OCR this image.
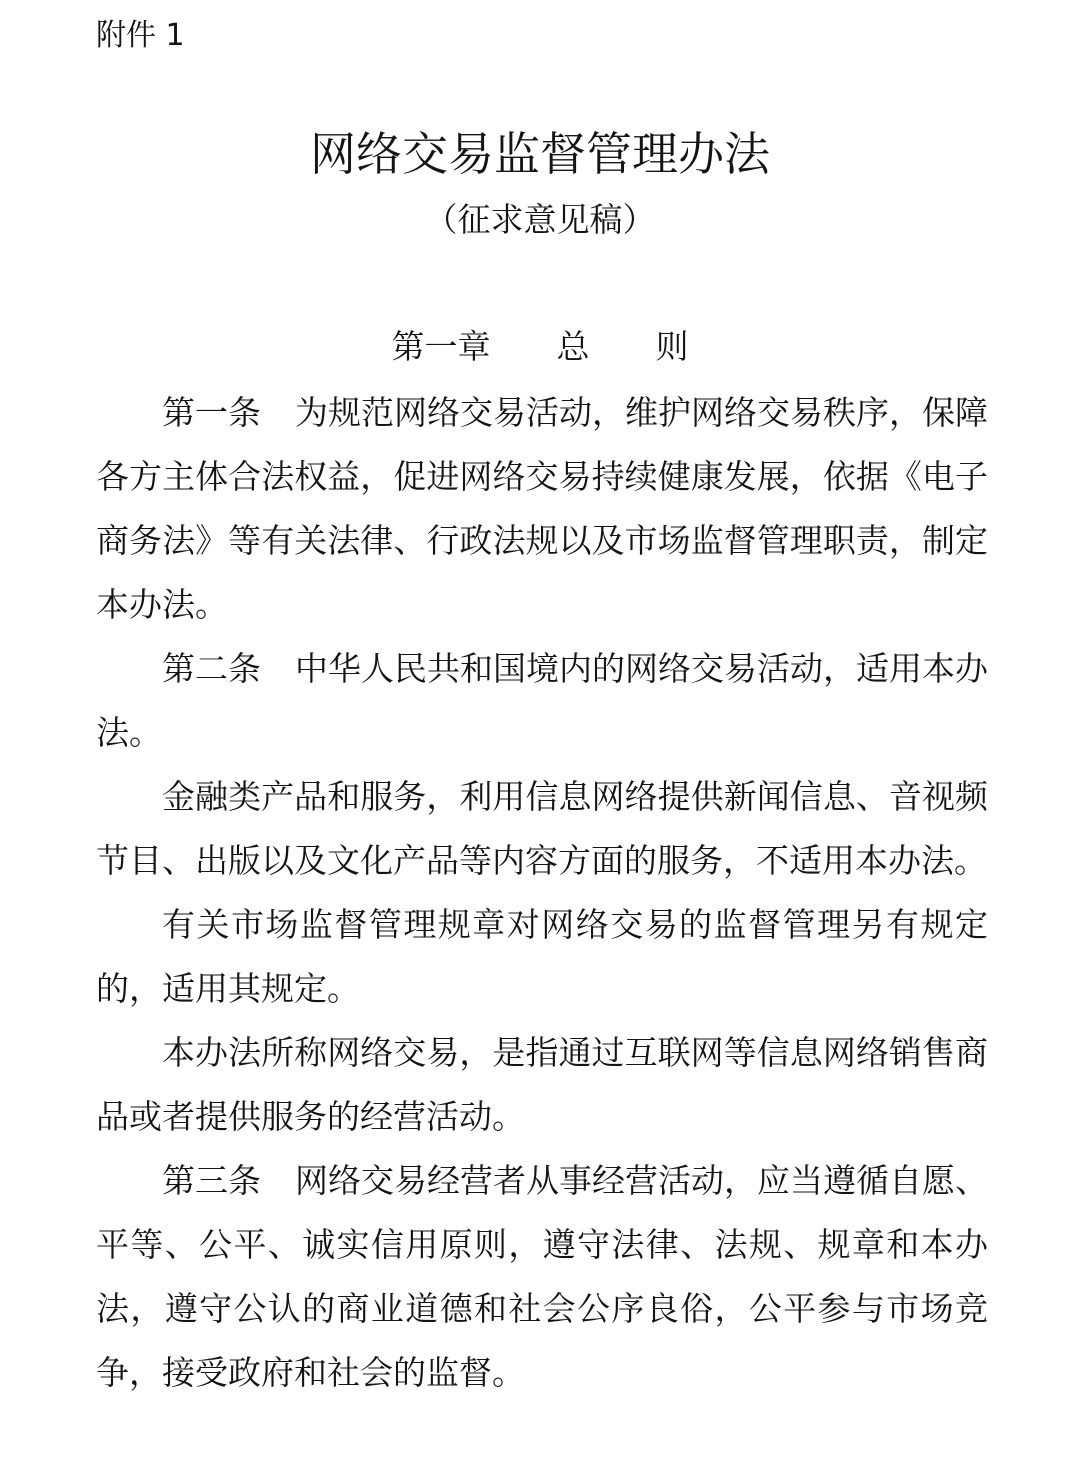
附件 1
网络交易监督管理办法
（征求意见稿）
第一章　　总　　则

第一条 为规范网络交易活动，维护网络交易秩序，保障各方主体合法权益，促进网络交易持续健康发展，依据《电子商务法》等有关法律、行政法规以及市场监督管理职责，制定本办法。

第二条 中华人民共和国境内的网络交易活动，适用本办法。

金融类产品和服务，利用信息网络提供新闻信息、音视频节目、出版以及文化产品等内容方面的服务，不适用本办法。

有关市场监督管理规章对网络交易的监督管理另有规定的，适用其规定。

本办法所称网络交易，是指通过互联网等信息网络销售商品或者提供服务的经营活动。

第三条 网络交易经营者从事经营活动，应当遵循自愿、平等、公平、诚实信用原则，遵守法律、法规、规章和本办法，遵守公认的商业道德和社会公序良俗，公平参与市场竞争，接受政府和社会的监督。
